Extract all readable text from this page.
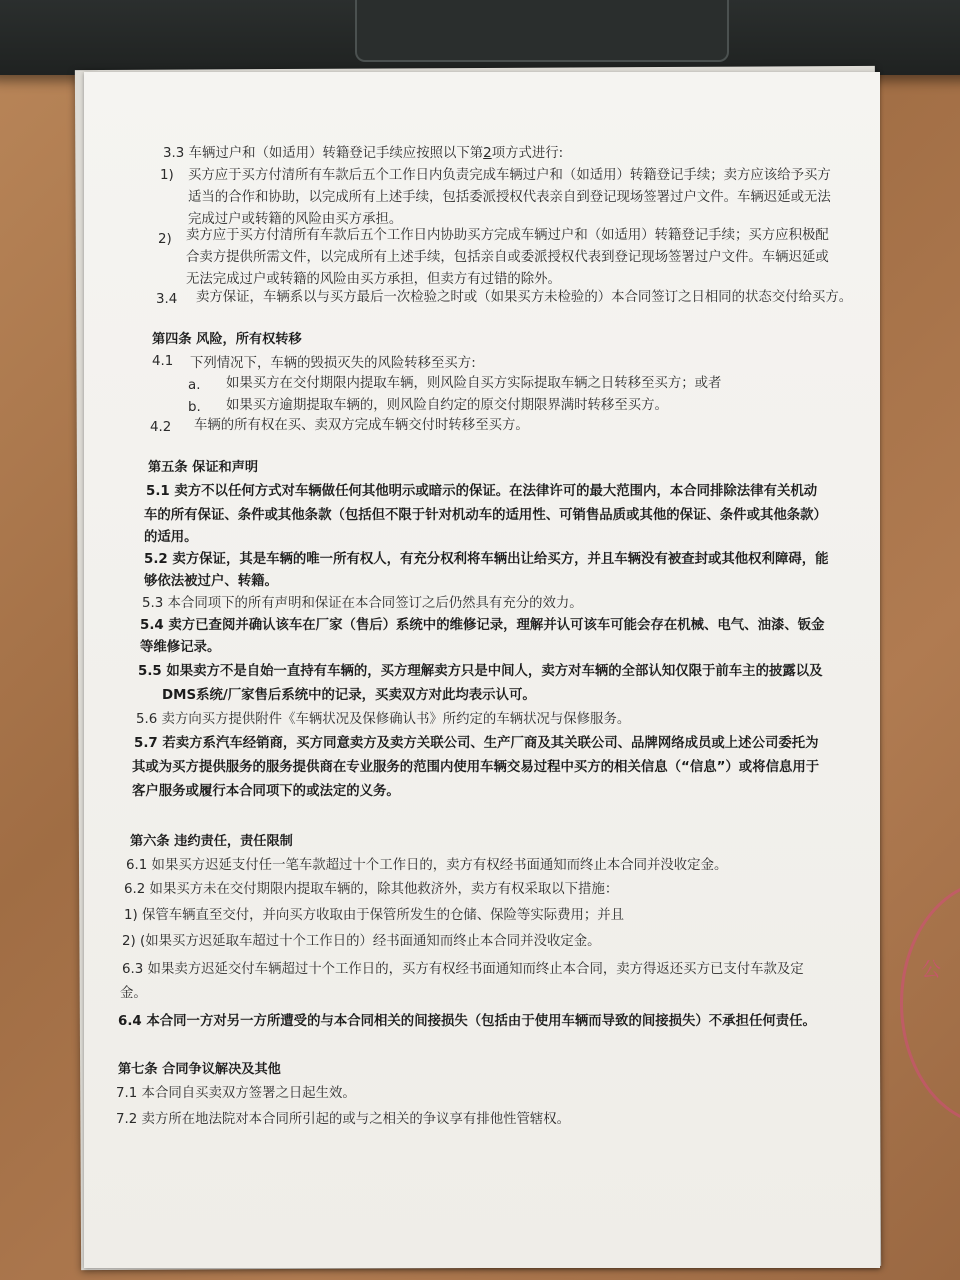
公
3.3 车辆过户和（如适用）转籍登记手续应按照以下第2项方式进行:
1) 买方应于买方付清所有车款后五个工作日内负责完成车辆过户和（如适用）转籍登记手续；卖方应该给予买方
适当的合作和协助，以完成所有上述手续，包括委派授权代表亲自到登记现场签署过户文件。车辆迟延或无法
完成过户或转籍的风险由买方承担。
2) 卖方应于买方付清所有车款后五个工作日内协助买方完成车辆过户和（如适用）转籍登记手续；买方应积极配
合卖方提供所需文件，以完成所有上述手续，包括亲自或委派授权代表到登记现场签署过户文件。车辆迟延或
无法完成过户或转籍的风险由买方承担，但卖方有过错的除外。
3.4 卖方保证，车辆系以与买方最后一次检验之时或（如果买方未检验的）本合同签订之日相同的状态交付给买方。
第四条 风险，所有权转移
4.1 下列情况下，车辆的毁损灭失的风险转移至买方:
a. 如果买方在交付期限内提取车辆，则风险自买方实际提取车辆之日转移至买方；或者
b. 如果买方逾期提取车辆的，则风险自约定的原交付期限界满时转移至买方。
4.2 车辆的所有权在买、卖双方完成车辆交付时转移至买方。
第五条 保证和声明
5.1 卖方不以任何方式对车辆做任何其他明示或暗示的保证。在法律许可的最大范围内，本合同排除法律有关机动
车的所有保证、条件或其他条款（包括但不限于针对机动车的适用性、可销售品质或其他的保证、条件或其他条款）
的适用。
5.2 卖方保证，其是车辆的唯一所有权人，有充分权利将车辆出让给买方，并且车辆没有被查封或其他权利障碍，能
够依法被过户、转籍。
5.3 本合同项下的所有声明和保证在本合同签订之后仍然具有充分的效力。
5.4 卖方已查阅并确认该车在厂家（售后）系统中的维修记录，理解并认可该车可能会存在机械、电气、油漆、钣金
等维修记录。
5.5 如果卖方不是自始一直持有车辆的，买方理解卖方只是中间人，卖方对车辆的全部认知仅限于前车主的披露以及
DMS系统/厂家售后系统中的记录，买卖双方对此均表示认可。
5.6 卖方向买方提供附件《车辆状况及保修确认书》所约定的车辆状况与保修服务。
5.7 若卖方系汽车经销商，买方同意卖方及卖方关联公司、生产厂商及其关联公司、品牌网络成员或上述公司委托为
其或为买方提供服务的服务提供商在专业服务的范围内使用车辆交易过程中买方的相关信息（“信息”）或将信息用于
客户服务或履行本合同项下的或法定的义务。
第六条 违约责任，责任限制
6.1 如果买方迟延支付任一笔车款超过十个工作日的，卖方有权经书面通知而终止本合同并没收定金。
6.2 如果买方未在交付期限内提取车辆的，除其他救济外，卖方有权采取以下措施：
1) 保管车辆直至交付，并向买方收取由于保管所发生的仓储、保险等实际费用；并且
2) (如果买方迟延取车超过十个工作日的）经书面通知而终止本合同并没收定金。
6.3 如果卖方迟延交付车辆超过十个工作日的，买方有权经书面通知而终止本合同，卖方得返还买方已支付车款及定
金。
6.4 本合同一方对另一方所遭受的与本合同相关的间接损失（包括由于使用车辆而导致的间接损失）不承担任何责任。
第七条 合同争议解决及其他
7.1 本合同自买卖双方签署之日起生效。
7.2 卖方所在地法院对本合同所引起的或与之相关的争议享有排他性管辖权。
